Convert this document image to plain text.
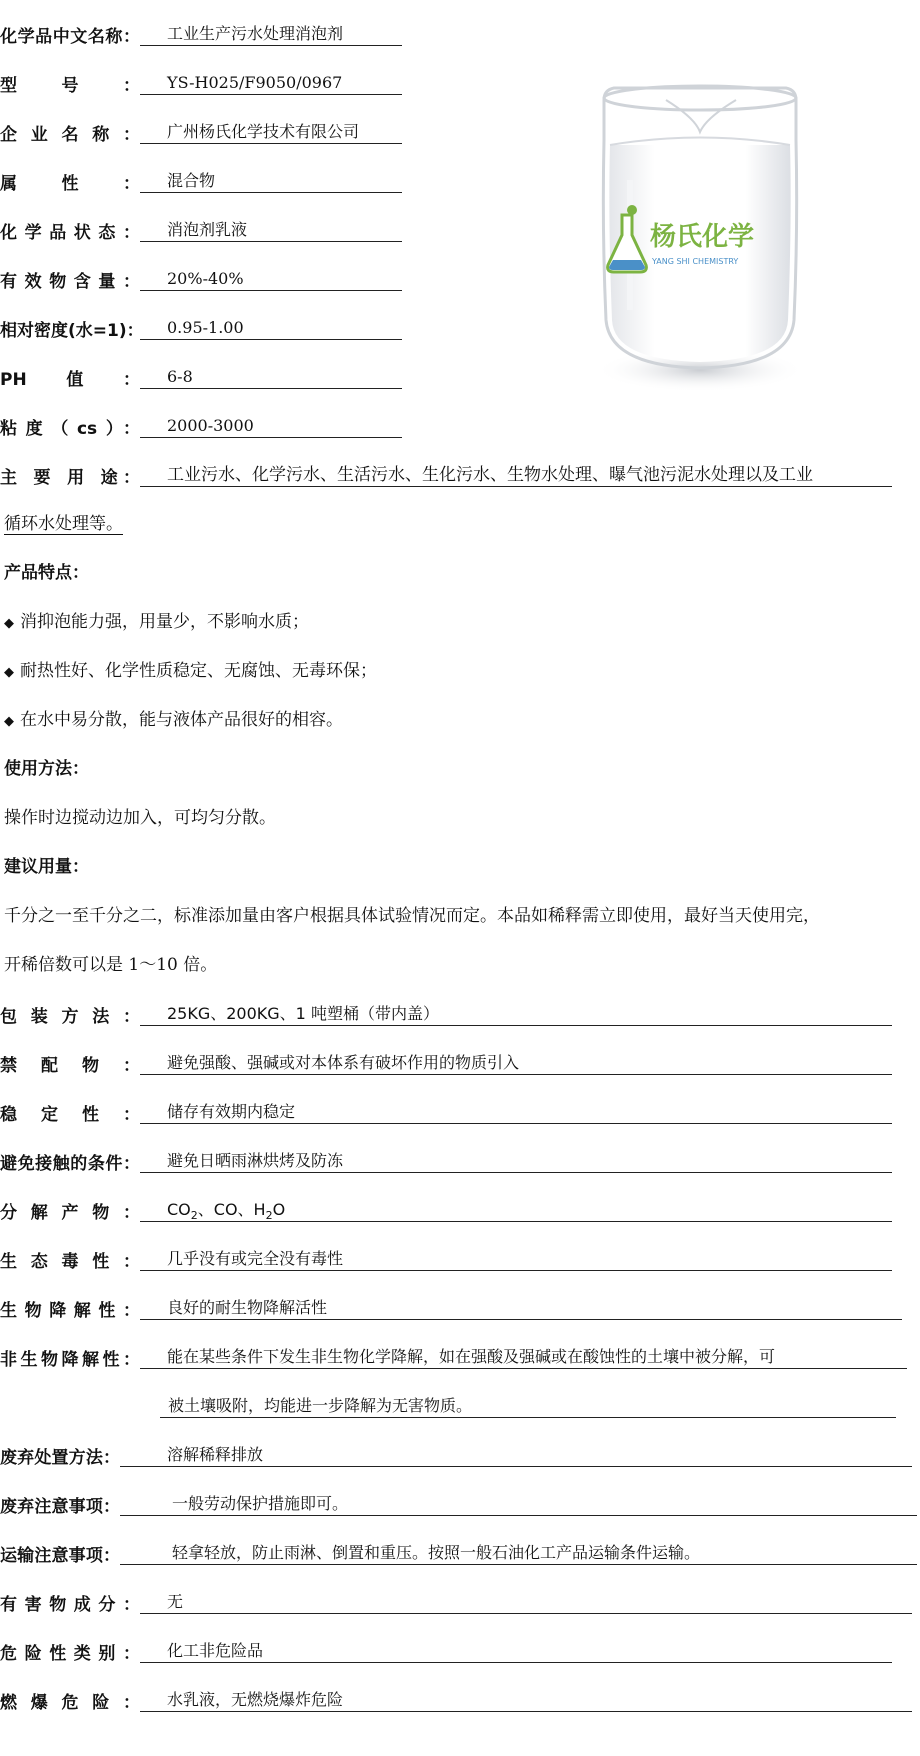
化学品中文名称：	工业生产污水处理消泡剂
型号：	YS-H025/F9050/0967
企业名称：	广州杨氏化学技术有限公司
属性：	混合物
化学品状态：	消泡剂乳液
有效物含量：	20%-40%
相对密度(水=1)：	0.95-1.00
PH值：	6-8
粘度（cs）：	2000-3000
主 要 用 途：	工业污水、化学污水、生活污水、生化污水、生物水处理、曝气池污泥水处理以及工业
循环水处理等。
产品特点：
◆ 消抑泡能力强，用量少，不影响水质；
◆ 耐热性好、化学性质稳定、无腐蚀、无毒环保；
◆ 在水中易分散，能与液体产品很好的相容。
使用方法：
操作时边搅动边加入，可均匀分散。
建议用量：
千分之一至千分之二，标准添加量由客户根据具体试验情况而定。本品如稀释需立即使用，最好当天使用完，
开稀倍数可以是 1～10 倍。
包装方法：	25KG、200KG、1 吨塑桶（带内盖）
禁配物：	避免强酸、强碱或对本体系有破坏作用的物质引入
稳定性：	储存有效期内稳定
避免接触的条件：	避免日晒雨淋烘烤及防冻
分解产物：	$CO_2$、CO、$H_2O$
生态毒性：	几乎没有或完全没有毒性
生物降解性：	良好的耐生物降解活性
非生物降解性：	能在某些条件下发生非生物化学降解，如在强酸及强碱或在酸蚀性的土壤中被分解，可
被土壤吸附，均能进一步降解为无害物质。
废弃处置方法：	溶解稀释排放
废弃注意事项：	一般劳动保护措施即可。
运输注意事项：	轻拿轻放，防止雨淋、倒置和重压。按照一般石油化工产品运输条件运输。
有害物成分：	无
危险性类别：	化工非危险品
燃爆危险：	水乳液，无燃烧爆炸危险
杨氏化学
YANG SHI CHEMISTRY
